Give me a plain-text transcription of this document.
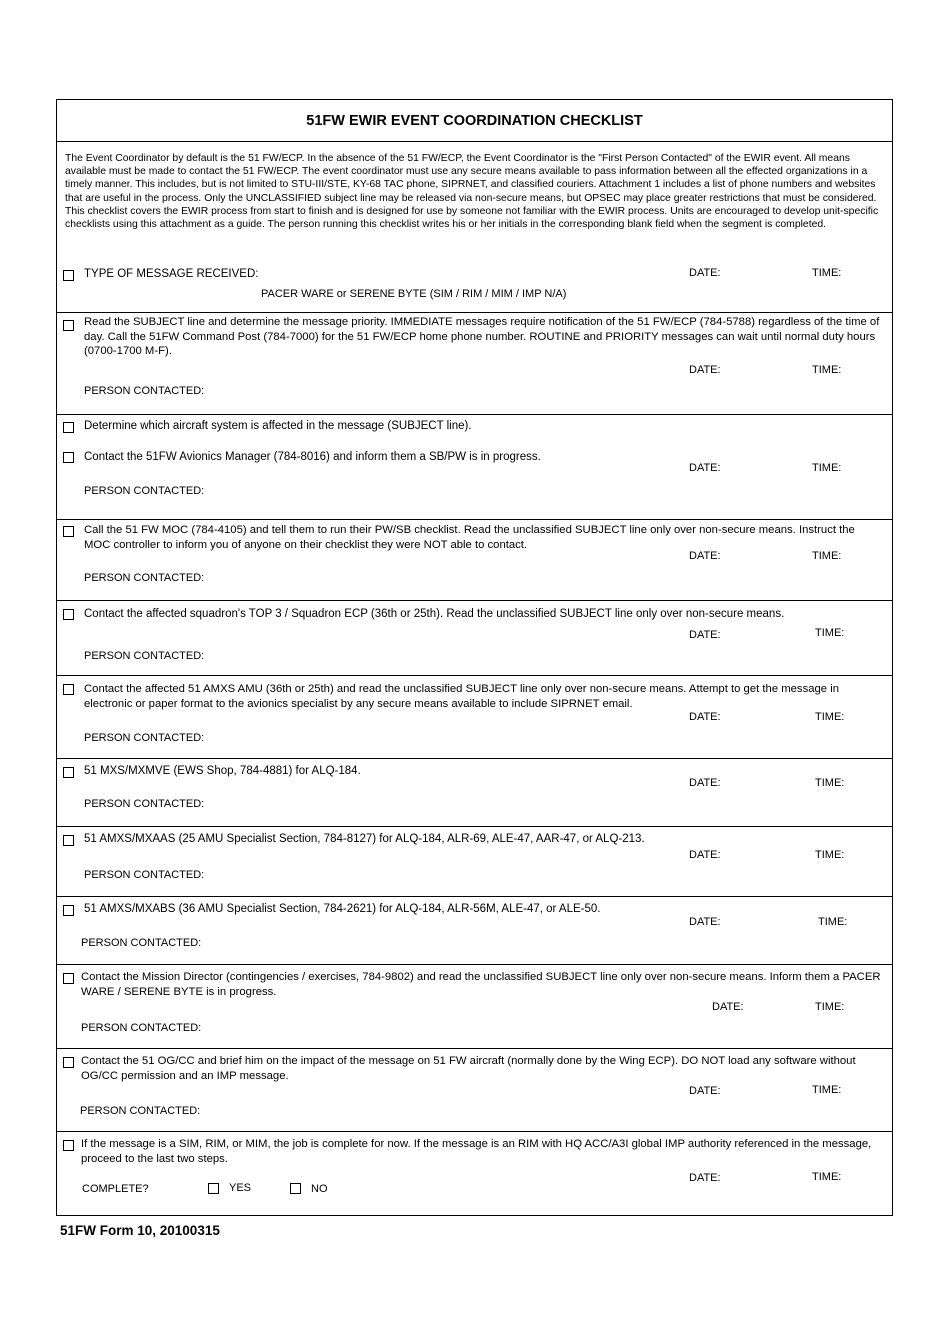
51FW EWIR EVENT COORDINATION CHECKLIST
The Event Coordinator by default is the 51 FW/ECP. In the absence of the 51 FW/ECP, the Event Coordinator is the "First Person Contacted" of the EWIR event. All means available must be made to contact the 51 FW/ECP. The event coordinator must use any secure means available to pass information between all the effected organizations in a timely manner. This includes, but is not limited to STU-III/STE, KY-68 TAC phone, SIPRNET, and classified couriers. Attachment 1 includes a list of phone numbers and websites that are useful in the process. Only the UNCLASSIFIED subject line may be released via non-secure means, but OPSEC may place greater restrictions that must be considered. This checklist covers the EWIR process from start to finish and is designed for use by someone not familiar with the EWIR process. Units are encouraged to develop unit-specific checklists using this attachment as a guide. The person running this checklist writes his or her initials in the corresponding blank field when the segment is completed.
TYPE OF MESSAGE RECEIVED:
PACER WARE or SERENE BYTE (SIM / RIM / MIM / IMP N/A)
DATE:	TIME:
Read the SUBJECT line and determine the message priority. IMMEDIATE messages require notification of the 51 FW/ECP (784-5788) regardless of the time of day. Call the 51FW Command Post (784-7000) for the 51 FW/ECP home phone number. ROUTINE and PRIORITY messages can wait until normal duty hours (0700-1700 M-F).
DATE:	TIME:
PERSON CONTACTED:
Determine which aircraft system is affected in the message (SUBJECT line).
Contact the 51FW Avionics Manager (784-8016) and inform them a SB/PW is in progress.
DATE:	TIME:
PERSON CONTACTED:
Call the 51 FW MOC (784-4105) and tell them to run their PW/SB checklist. Read the unclassified SUBJECT line only over non-secure means. Instruct the MOC controller to inform you of anyone on their checklist they were NOT able to contact.
DATE:	TIME:
PERSON CONTACTED:
Contact the affected squadron's TOP 3 / Squadron ECP (36th or 25th). Read the unclassified SUBJECT line only over non-secure means.
DATE:	TIME:
PERSON CONTACTED:
Contact the affected 51 AMXS AMU (36th or 25th) and read the unclassified SUBJECT line only over non-secure means. Attempt to get the message in electronic or paper format to the avionics specialist by any secure means available to include SIPRNET email.
DATE:	TIME:
PERSON CONTACTED:
51 MXS/MXMVE (EWS Shop, 784-4881) for ALQ-184.
DATE:	TIME:
PERSON CONTACTED:
51 AMXS/MXAAS (25 AMU Specialist Section, 784-8127) for ALQ-184, ALR-69, ALE-47, AAR-47, or ALQ-213.
DATE:	TIME:
PERSON CONTACTED:
51 AMXS/MXABS (36 AMU Specialist Section, 784-2621) for ALQ-184, ALR-56M, ALE-47, or ALE-50.
DATE:	TIME:
PERSON CONTACTED:
Contact the Mission Director (contingencies / exercises, 784-9802) and read the unclassified SUBJECT line only over non-secure means. Inform them a PACER WARE / SERENE BYTE is in progress.
DATE:	TIME:
PERSON CONTACTED:
Contact the 51 OG/CC and brief him on the impact of the message on 51 FW aircraft (normally done by the Wing ECP). DO NOT load any software without OG/CC permission and an IMP message.
DATE:	TIME:
PERSON CONTACTED:
If the message is a SIM, RIM, or MIM, the job is complete for now. If the message is an RIM with HQ ACC/A3I global IMP authority referenced in the message, proceed to the last two steps.
DATE:	TIME:
COMPLETE?	YES	NO
51FW Form 10, 20100315
